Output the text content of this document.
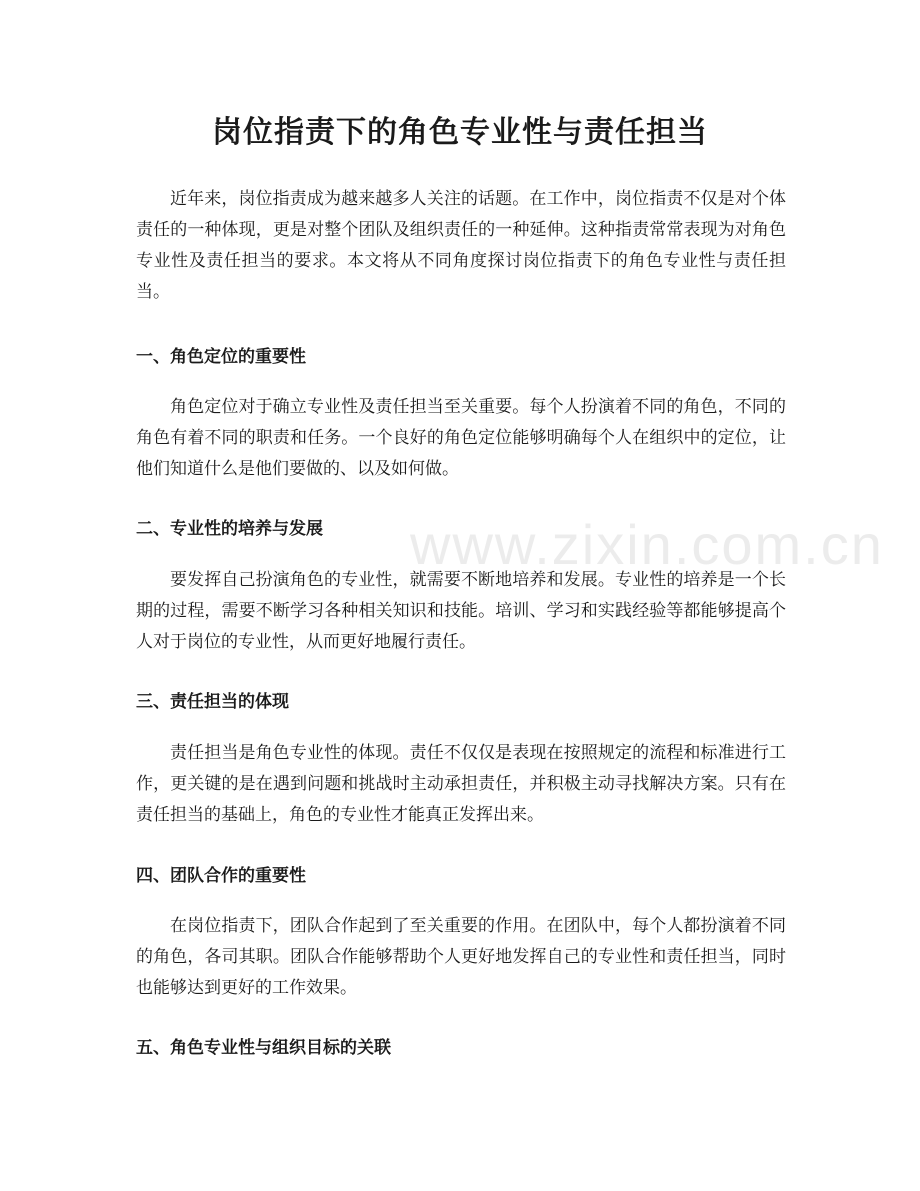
www.zixin.com.cn
岗位指责下的角色专业性与责任担当

近年来，岗位指责成为越来越多人关注的话题。在工作中，岗位指责不仅是对个体责任的一种体现，更是对整个团队及组织责任的一种延伸。这种指责常常表现为对角色专业性及责任担当的要求。本文将从不同角度探讨岗位指责下的角色专业性与责任担当。

一、角色定位的重要性

角色定位对于确立专业性及责任担当至关重要。每个人扮演着不同的角色，不同的角色有着不同的职责和任务。一个良好的角色定位能够明确每个人在组织中的定位，让他们知道什么是他们要做的、以及如何做。

二、专业性的培养与发展

要发挥自己扮演角色的专业性，就需要不断地培养和发展。专业性的培养是一个长期的过程，需要不断学习各种相关知识和技能。培训、学习和实践经验等都能够提高个人对于岗位的专业性，从而更好地履行责任。

三、责任担当的体现

责任担当是角色专业性的体现。责任不仅仅是表现在按照规定的流程和标准进行工作，更关键的是在遇到问题和挑战时主动承担责任，并积极主动寻找解决方案。只有在责任担当的基础上，角色的专业性才能真正发挥出来。

四、团队合作的重要性

在岗位指责下，团队合作起到了至关重要的作用。在团队中，每个人都扮演着不同的角色，各司其职。团队合作能够帮助个人更好地发挥自己的专业性和责任担当，同时也能够达到更好的工作效果。

五、角色专业性与组织目标的关联
